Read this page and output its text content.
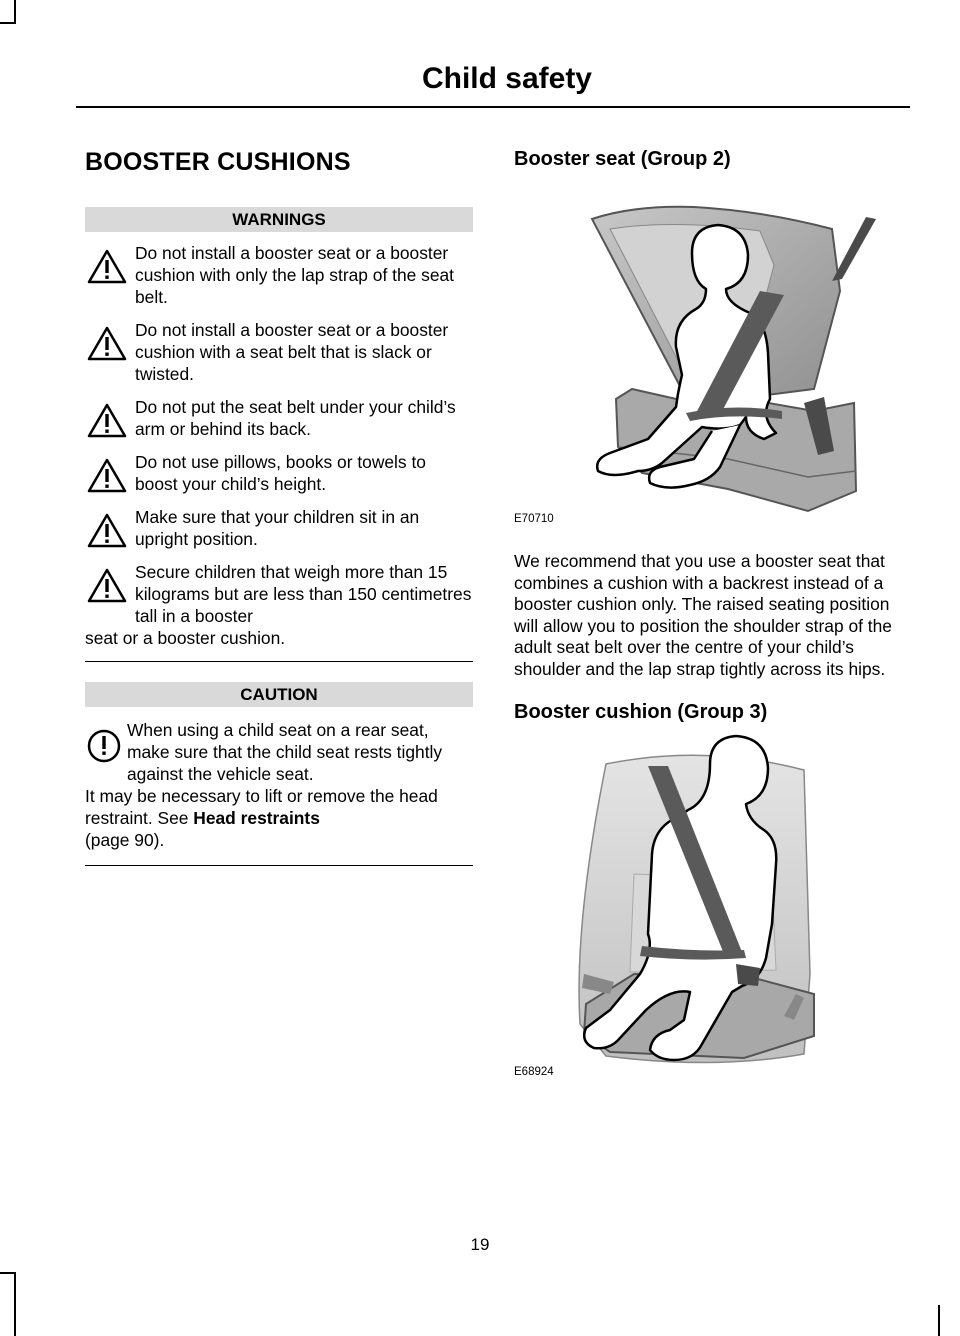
Child safety
BOOSTER CUSHIONS
WARNINGS
Do not install a booster seat or a booster cushion with only the lap strap of the seat belt.
Do not install a booster seat or a booster cushion with a seat belt that is slack or twisted.
Do not put the seat belt under your child’s arm or behind its back.
Do not use pillows, books or towels to boost your child’s height.
Make sure that your children sit in an upright position.
Secure children that weigh more than 15 kilograms but are less than 150 centimetres tall in a booster
seat or a booster cushion.
CAUTION
When using a child seat on a rear seat, make sure that the child seat rests tightly against the vehicle seat.
It may be necessary to lift or remove the head restraint. See Head restraints
(page 90).
Booster seat (Group 2)
E70710

We recommend that you use a booster seat that combines a cushion with a backrest instead of a booster cushion only. The raised seating position will allow you to position the shoulder strap of the adult seat belt over the centre of your child’s shoulder and the lap strap tightly across its hips.

Booster cushion (Group 3)
E68924
19
